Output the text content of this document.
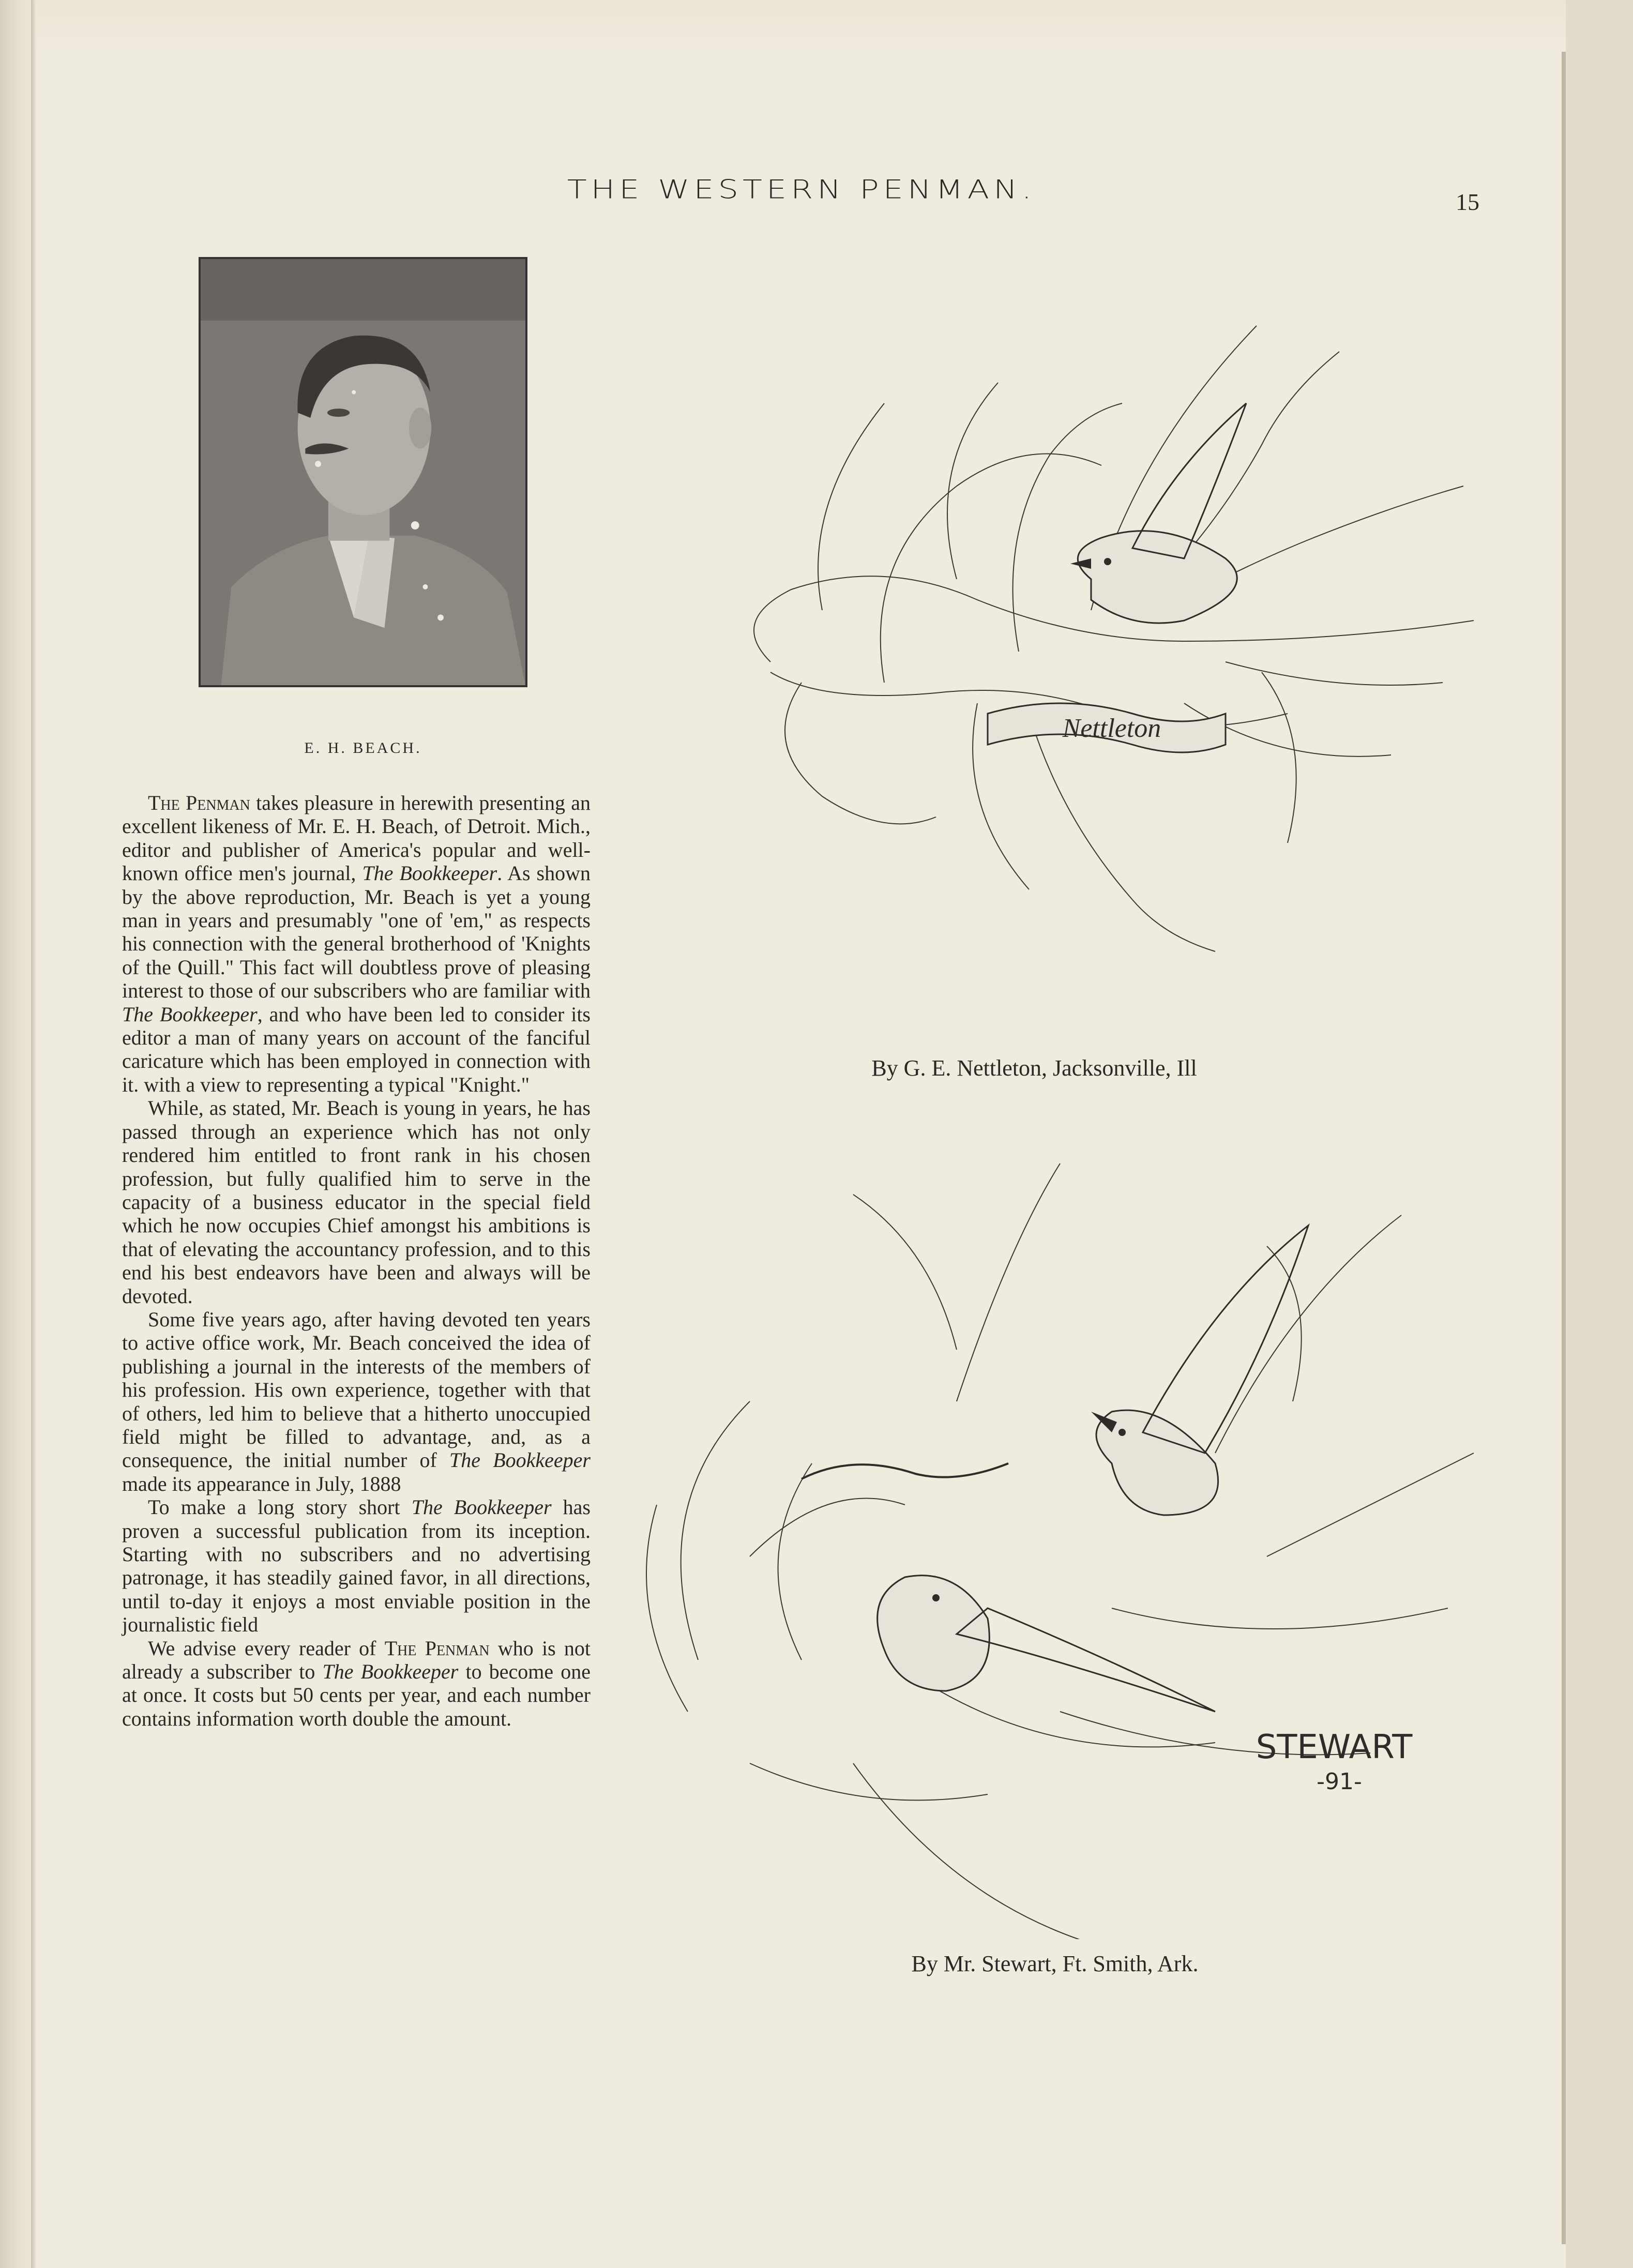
THE WESTERN PENMAN.	15
E. H. BEACH.

The Penman takes pleasure in herewith presenting an excellent likeness of Mr. E. H. Beach, of Detroit. Mich., editor and publisher of America's popular and well-known office men's journal, The Bookkeeper. As shown by the above reproduction, Mr. Beach is yet a young man in years and presumably "one of 'em," as respects his connection with the general brotherhood of 'Knights of the Quill." This fact will doubtless prove of pleasing interest to those of our subscribers who are familiar with The Bookkeeper, and who have been led to consider its editor a man of many years on account of the fanciful caricature which has been employed in connection with it. with a view to representing a typical "Knight."

While, as stated, Mr. Beach is young in years, he has passed through an experience which has not only rendered him entitled to front rank in his chosen profession, but fully qualified him to serve in the capacity of a business educator in the special field which he now occupies Chief amongst his ambitions is that of elevating the accountancy profession, and to this end his best endeavors have been and always will be devoted.

Some five years ago, after having devoted ten years to active office work, Mr. Beach conceived the idea of publishing a journal in the interests of the members of his profession. His own experience, together with that of others, led him to believe that a hitherto unoccupied field might be filled to advantage, and, as a consequence, the initial number of The Bookkeeper made its appearance in July, 1888

To make a long story short The Bookkeeper has proven a successful publication from its inception. Starting with no subscribers and no advertising patronage, it has steadily gained favor, in all directions, until to-day it enjoys a most enviable position in the journalistic field

We advise every reader of The Penman who is not already a subscriber to The Bookkeeper to become one at once. It costs but 50 cents per year, and each number contains information worth double the amount.

Nettleton
By G. E. Nettleton, Jacksonville, Ill
STEWART
-91-
By Mr. Stewart, Ft. Smith, Ark.
